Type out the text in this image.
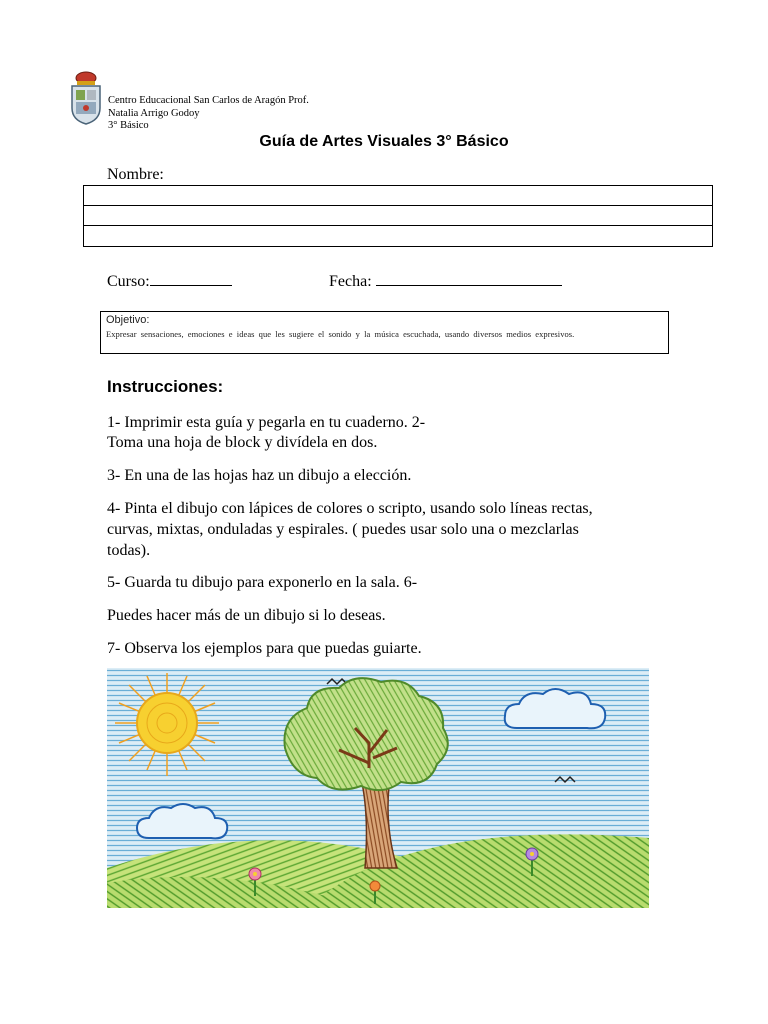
Centro Educacional San Carlos de Aragón Prof.
Natalia Arrigo Godoy
3° Básico
Guía de Artes Visuales 3° Básico
Nombre:
Curso:	Fecha:
Objetivo:
Expresar sensaciones, emociones e ideas que les sugiere el sonido y la música escuchada, usando diversos medios expresivos.
Instrucciones:
1- Imprimir esta guía y pegarla en tu cuaderno. 2-
Toma una hoja de block y divídela en dos.
3- En una de las hojas haz un dibujo a elección.
4- Pinta el dibujo con lápices de colores o scripto, usando solo líneas rectas,
curvas, mixtas, onduladas y espirales. ( puedes usar solo una o mezclarlas
todas).
5- Guarda tu dibujo para exponerlo en la sala. 6-
Puedes hacer más de un dibujo si lo deseas.
7- Observa los ejemplos para que puedas guiarte.
